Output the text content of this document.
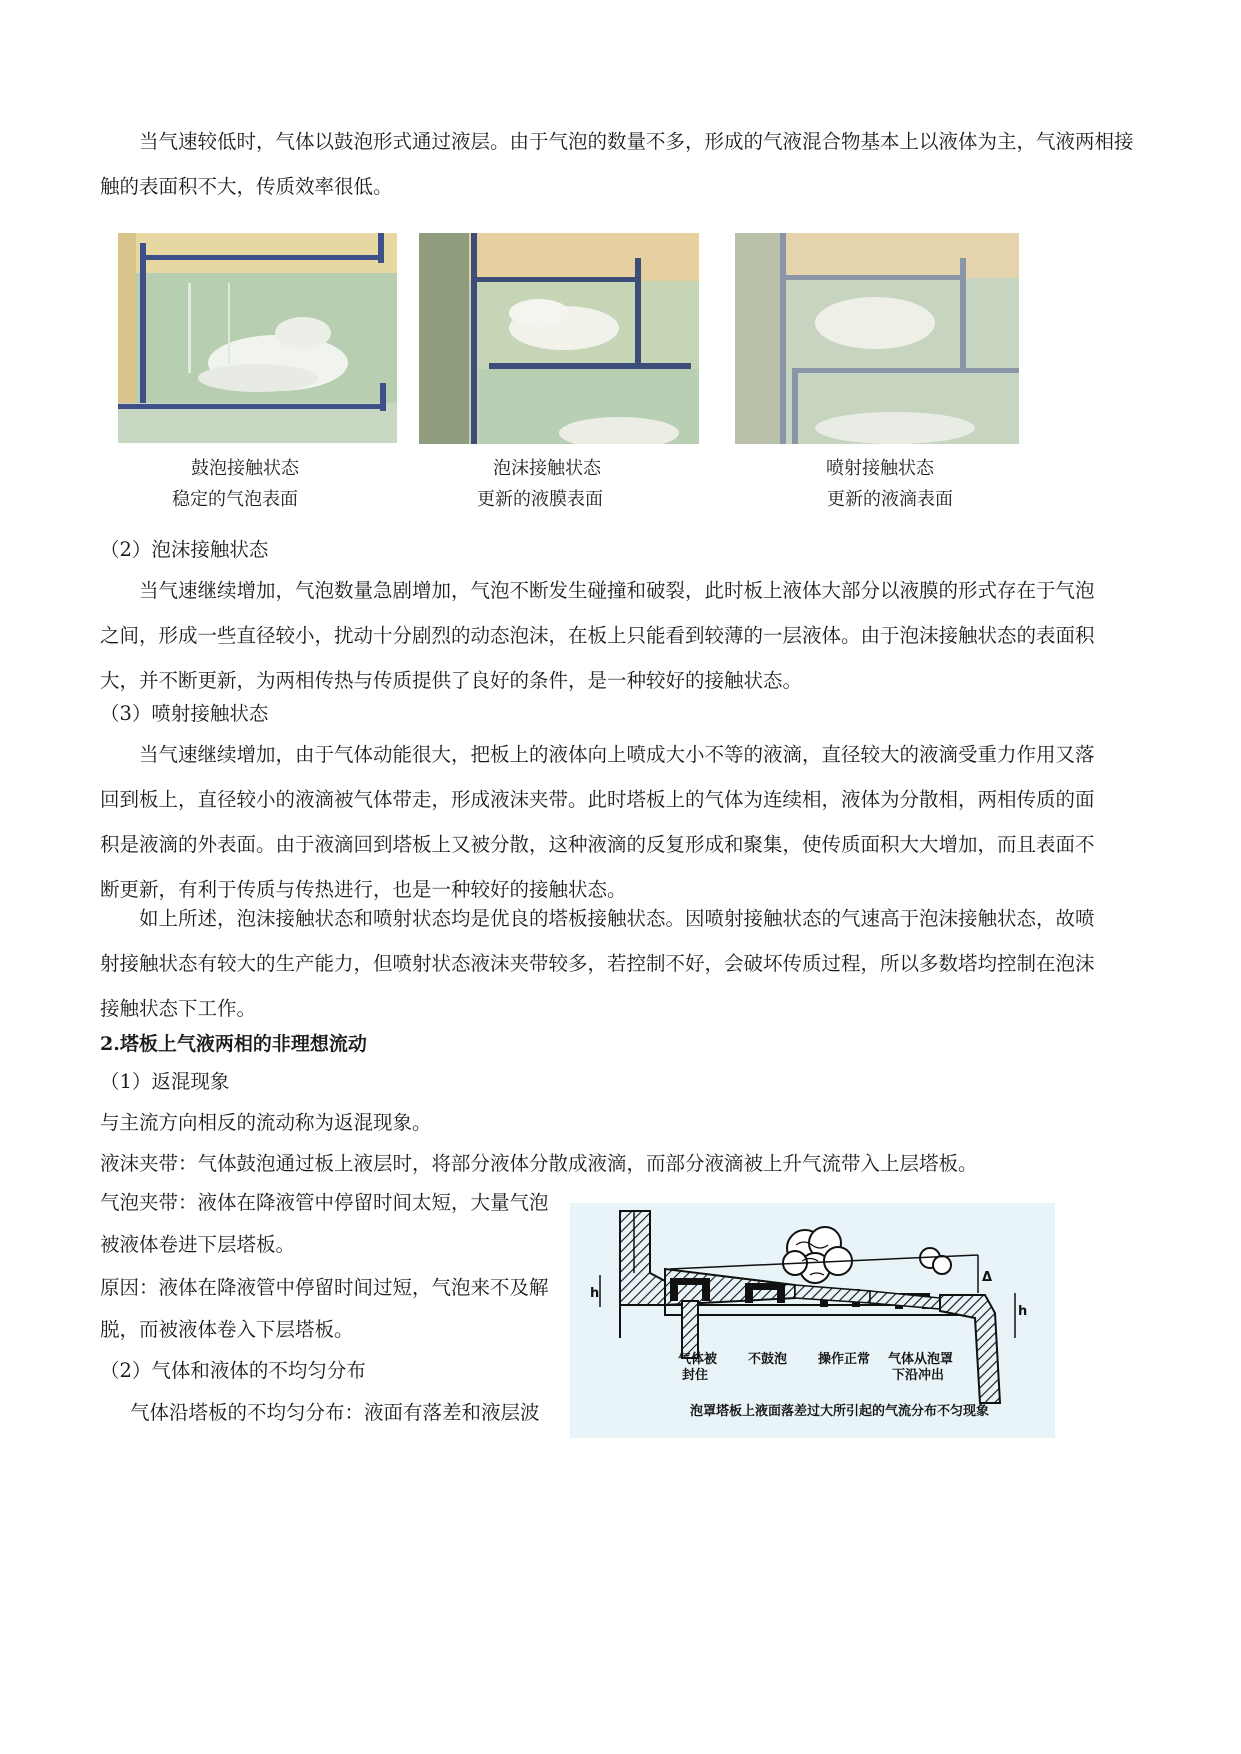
当气速较低时，气体以鼓泡形式通过液层。由于气泡的数量不多，形成的气液混合物基本上以液体为主，气液两相接触的表面积不大，传质效率很低。

鼓泡接触状态
稳定的气泡表面
泡沫接触状态
更新的液膜表面
喷射接触状态
更新的液滴表面

（2）泡沫接触状态

当气速继续增加，气泡数量急剧增加，气泡不断发生碰撞和破裂，此时板上液体大部分以液膜的形式存在于气泡之间，形成一些直径较小，扰动十分剧烈的动态泡沫，在板上只能看到较薄的一层液体。由于泡沫接触状态的表面积大，并不断更新，为两相传热与传质提供了良好的条件，是一种较好的接触状态。

（3）喷射接触状态

当气速继续增加，由于气体动能很大，把板上的液体向上喷成大小不等的液滴，直径较大的液滴受重力作用又落回到板上，直径较小的液滴被气体带走，形成液沫夹带。此时塔板上的气体为连续相，液体为分散相，两相传质的面积是液滴的外表面。由于液滴回到塔板上又被分散，这种液滴的反复形成和聚集，使传质面积大大增加，而且表面不断更新，有利于传质与传热进行，也是一种较好的接触状态。

如上所述，泡沫接触状态和喷射状态均是优良的塔板接触状态。因喷射接触状态的气速高于泡沫接触状态，故喷射接触状态有较大的生产能力，但喷射状态液沫夹带较多，若控制不好，会破坏传质过程，所以多数塔均控制在泡沫接触状态下工作。

2.塔板上气液两相的非理想流动

（1）返混现象

与主流方向相反的流动称为返混现象。

液沫夹带：气体鼓泡通过板上液层时，将部分液体分散成液滴，而部分液滴被上升气流带入上层塔板。

气泡夹带：液体在降液管中停留时间太短，大量气泡被液体卷进下层塔板。

原因：液体在降液管中停留时间过短，气泡来不及解脱，而被液体卷入下层塔板。

（2）气体和液体的不均匀分布

气体沿塔板的不均匀分布：液面有落差和液层波

Δ
h
h
气体被
封住
不鼓泡 操作正常 气体从泡罩
下沿冲出
泡罩塔板上液面落差过大所引起的气流分布不匀现象
